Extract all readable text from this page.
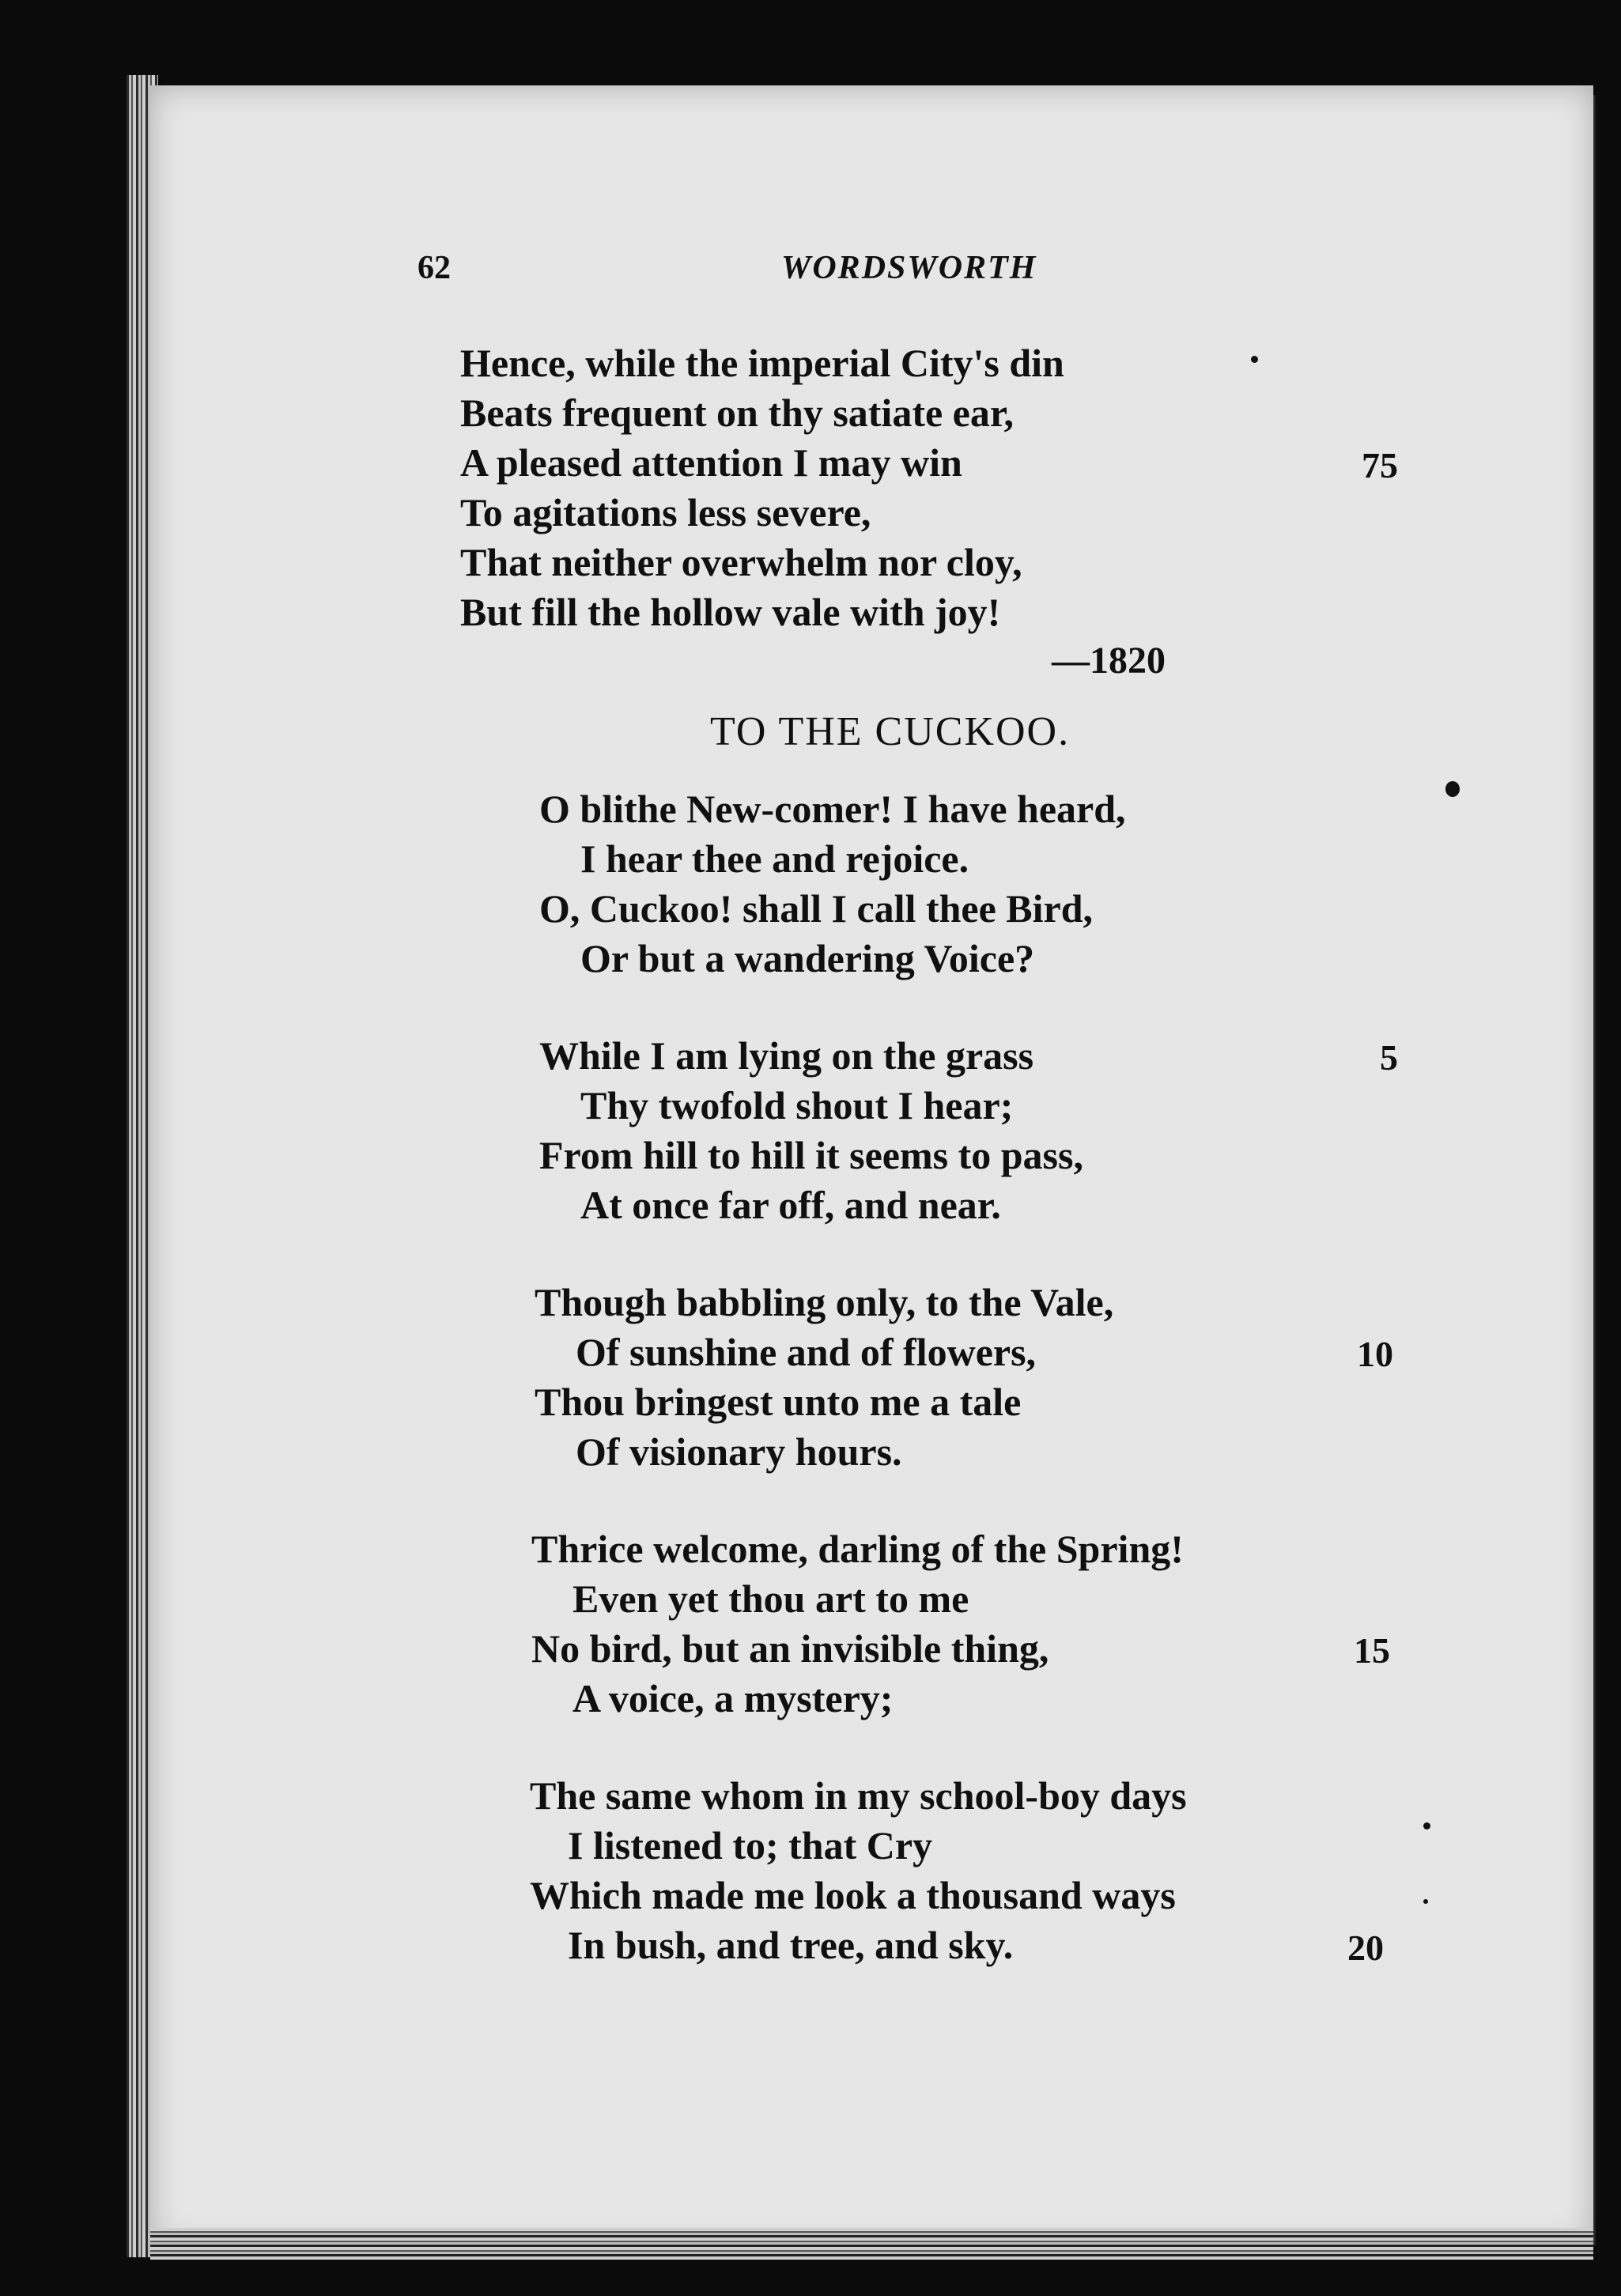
62	WORDSWORTH
Hence, while the imperial City's din
Beats frequent on thy satiate ear,
A pleased attention I may win	75
To agitations less severe,
That neither overwhelm nor cloy,
But fill the hollow vale with joy!
—1820
TO THE CUCKOO.
O blithe New-comer! I have heard,
I hear thee and rejoice.
O, Cuckoo! shall I call thee Bird,
Or but a wandering Voice?
While I am lying on the grass	5
Thy twofold shout I hear;
From hill to hill it seems to pass,
At once far off, and near.
Though babbling only, to the Vale,
Of sunshine and of flowers,	10
Thou bringest unto me a tale
Of visionary hours.
Thrice welcome, darling of the Spring!
Even yet thou art to me
No bird, but an invisible thing,	15
A voice, a mystery;
The same whom in my school-boy days
I listened to; that Cry
Which made me look a thousand ways
In bush, and tree, and sky.	20
